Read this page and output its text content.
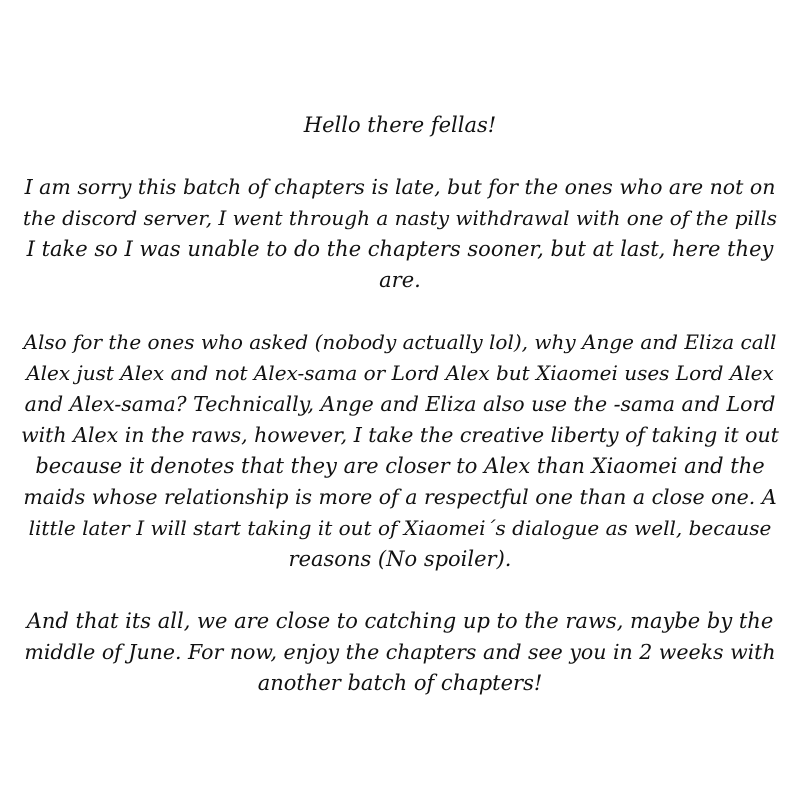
Hello there fellas!

I am sorry this batch of chapters is late, but for the ones who are not on
the discord server, I went through a nasty withdrawal with one of the pills
I take so I was unable to do the chapters sooner, but at last, here they
are.

Also for the ones who asked (nobody actually lol), why Ange and Eliza call
Alex just Alex and not Alex-sama or Lord Alex but Xiaomei uses Lord Alex
and Alex-sama? Technically, Ange and Eliza also use the -sama and Lord
with Alex in the raws, however, I take the creative liberty of taking it out
because it denotes that they are closer to Alex than Xiaomei and the
maids whose relationship is more of a respectful one than a close one. A
little later I will start taking it out of Xiaomei´s dialogue as well, because
reasons (No spoiler).

And that its all, we are close to catching up to the raws, maybe by the
middle of June. For now, enjoy the chapters and see you in 2 weeks with
another batch of chapters!
